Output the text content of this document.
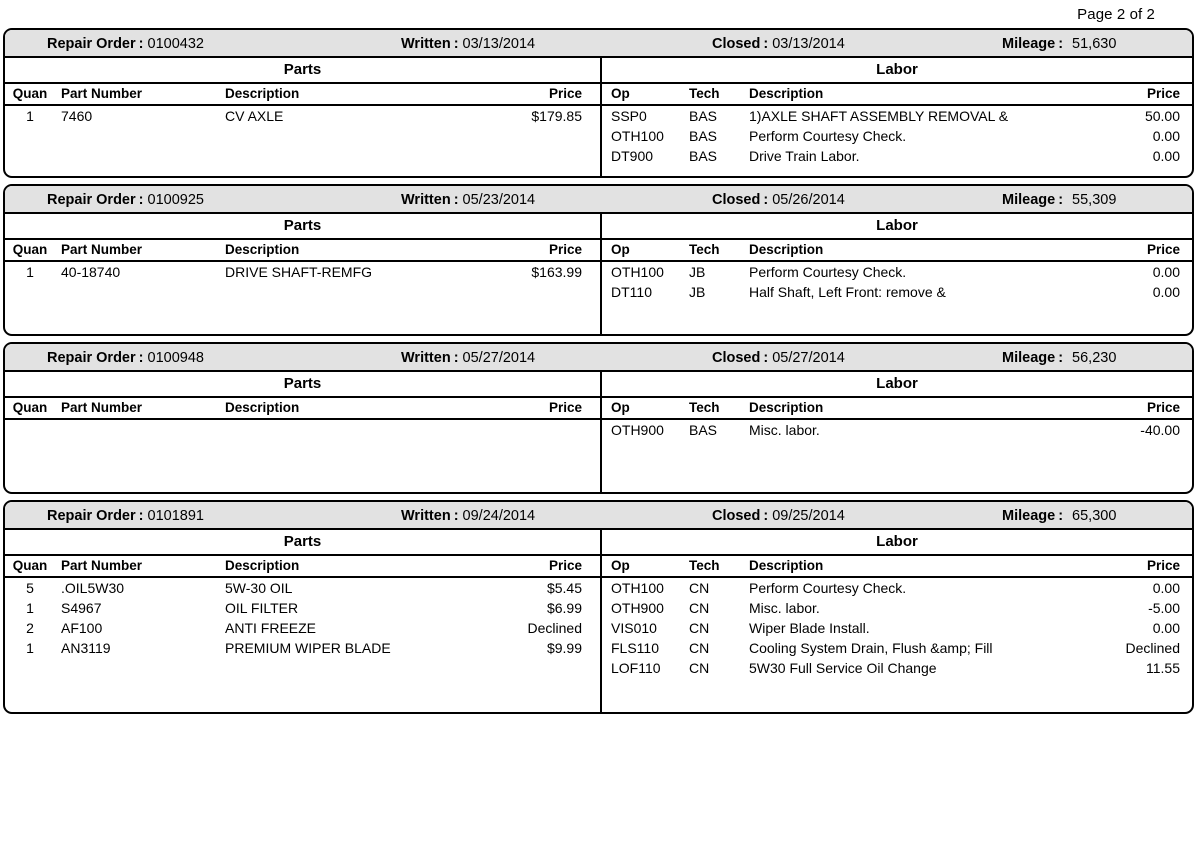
Page 2 of 2
Repair Order : 0100432	Written : 03/13/2014	Closed : 03/13/2014	Mileage : 51,630
Parts
Quan	Part Number	Description	Price
1	7460	CV AXLE	$179.85
Labor
Op	Tech	Description	Price
SSP0	BAS	1)AXLE SHAFT ASSEMBLY REMOVAL &	50.00
OTH100	BAS	Perform Courtesy Check.	0.00
DT900	BAS	Drive Train Labor.	0.00
Repair Order : 0100925	Written : 05/23/2014	Closed : 05/26/2014	Mileage : 55,309
Parts
Quan	Part Number	Description	Price
1	40-18740	DRIVE SHAFT-REMFG	$163.99
Labor
Op	Tech	Description	Price
OTH100	JB	Perform Courtesy Check.	0.00
DT110	JB	Half Shaft, Left Front: remove &	0.00
Repair Order : 0100948	Written : 05/27/2014	Closed : 05/27/2014	Mileage : 56,230
Parts
Quan	Part Number	Description	Price
Labor
Op	Tech	Description	Price
OTH900	BAS	Misc. labor.	-40.00
Repair Order : 0101891	Written : 09/24/2014	Closed : 09/25/2014	Mileage : 65,300
Parts
Quan	Part Number	Description	Price
5	.OIL5W30	5W-30 OIL	$5.45
1	S4967	OIL FILTER	$6.99
2	AF100	ANTI FREEZE	Declined
1	AN3119	PREMIUM WIPER BLADE	$9.99
Labor
Op	Tech	Description	Price
OTH100	CN	Perform Courtesy Check.	0.00
OTH900	CN	Misc. labor.	-5.00
VIS010	CN	Wiper Blade Install.	0.00
FLS110	CN	Cooling System Drain, Flush &amp; Fill	Declined
LOF110	CN	5W30 Full Service Oil Change	11.55
